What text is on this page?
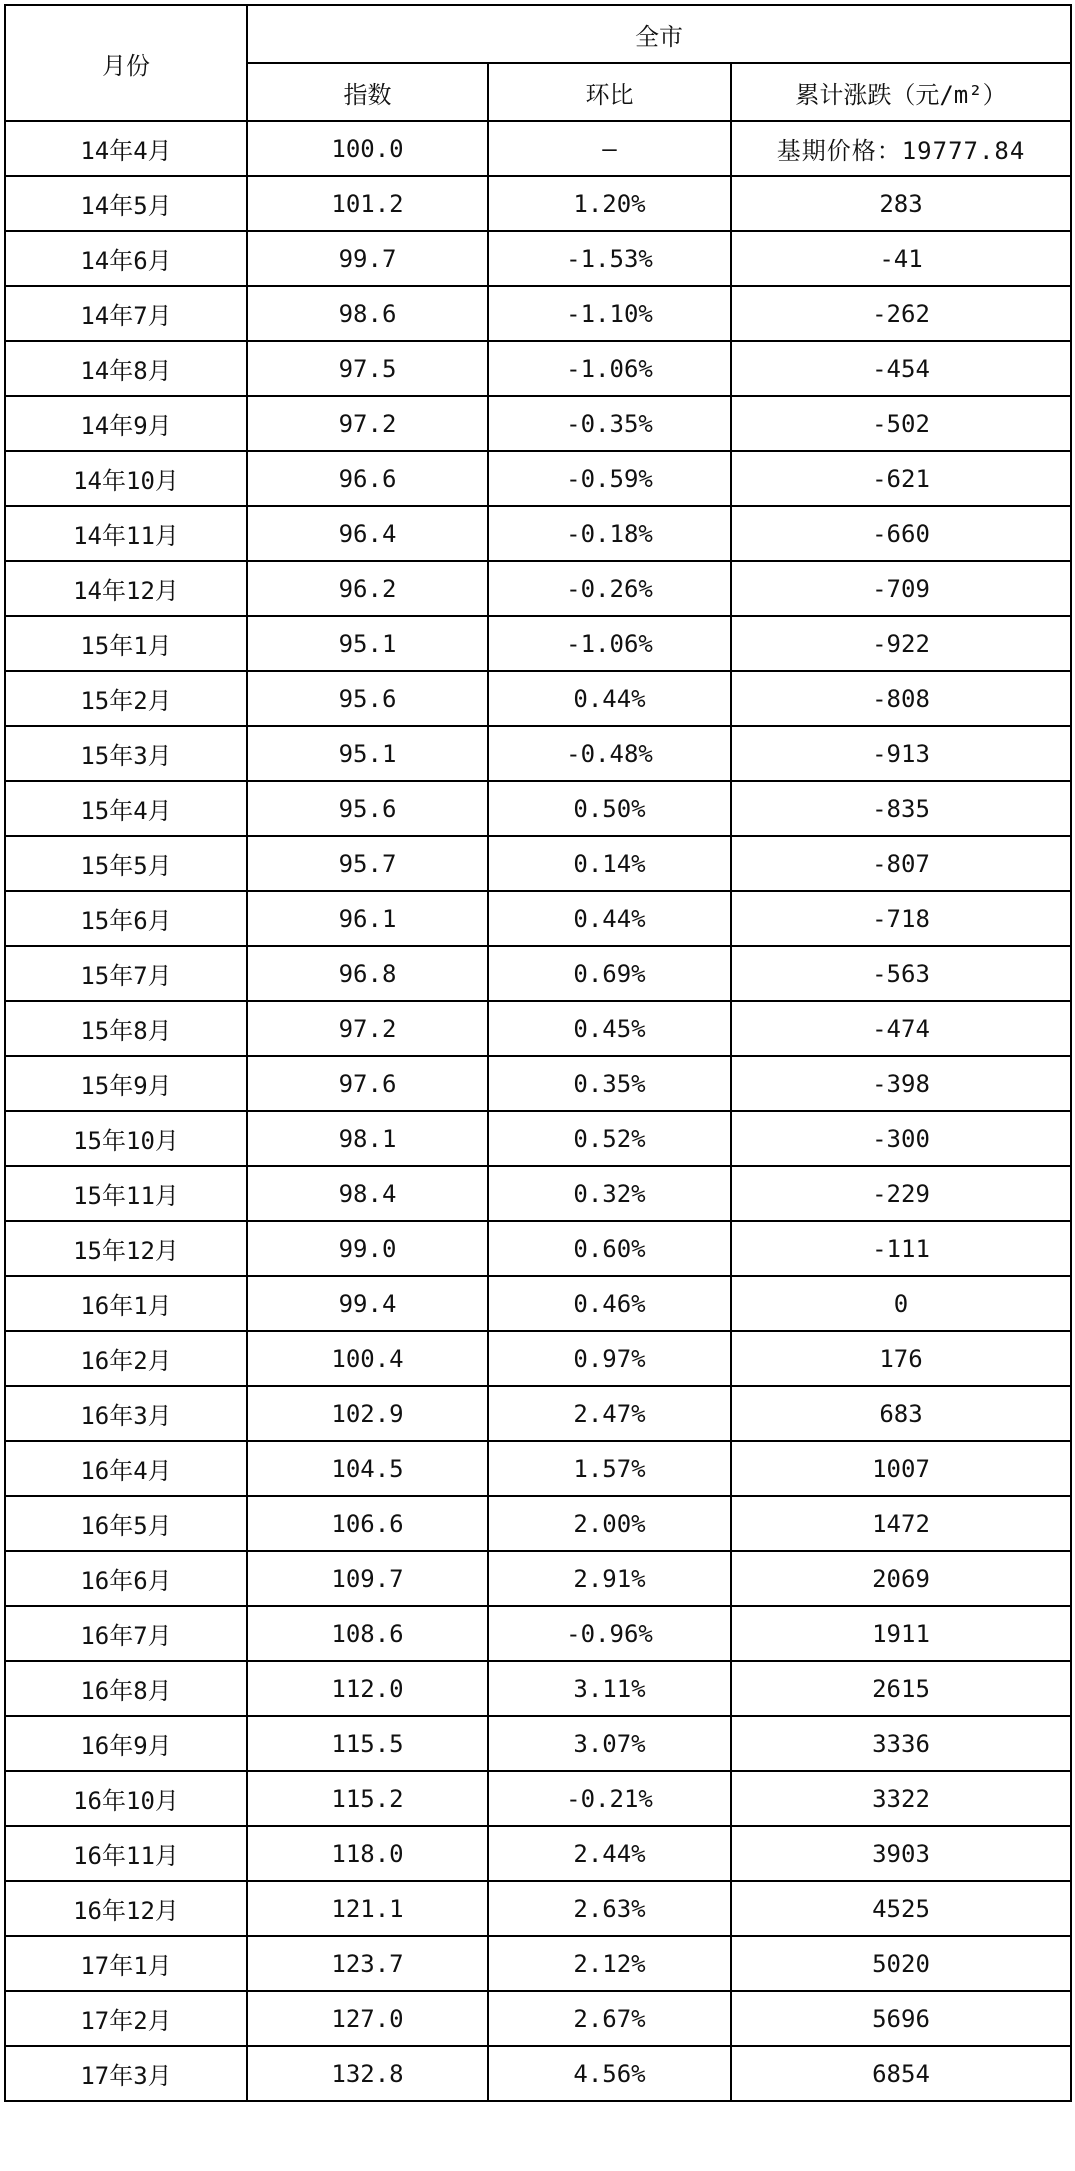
月份	全市		
	指数	环比	累计涨跌（元/m²）
14年4月	100.0	—	基期价格：19777.84
14年5月	101.2	1.20%	283
14年6月	99.7	-1.53%	-41
14年7月	98.6	-1.10%	-262
14年8月	97.5	-1.06%	-454
14年9月	97.2	-0.35%	-502
14年10月	96.6	-0.59%	-621
14年11月	96.4	-0.18%	-660
14年12月	96.2	-0.26%	-709
15年1月	95.1	-1.06%	-922
15年2月	95.6	0.44%	-808
15年3月	95.1	-0.48%	-913
15年4月	95.6	0.50%	-835
15年5月	95.7	0.14%	-807
15年6月	96.1	0.44%	-718
15年7月	96.8	0.69%	-563
15年8月	97.2	0.45%	-474
15年9月	97.6	0.35%	-398
15年10月	98.1	0.52%	-300
15年11月	98.4	0.32%	-229
15年12月	99.0	0.60%	-111
16年1月	99.4	0.46%	0
16年2月	100.4	0.97%	176
16年3月	102.9	2.47%	683
16年4月	104.5	1.57%	1007
16年5月	106.6	2.00%	1472
16年6月	109.7	2.91%	2069
16年7月	108.6	-0.96%	1911
16年8月	112.0	3.11%	2615
16年9月	115.5	3.07%	3336
16年10月	115.2	-0.21%	3322
16年11月	118.0	2.44%	3903
16年12月	121.1	2.63%	4525
17年1月	123.7	2.12%	5020
17年2月	127.0	2.67%	5696
17年3月	132.8	4.56%	6854
